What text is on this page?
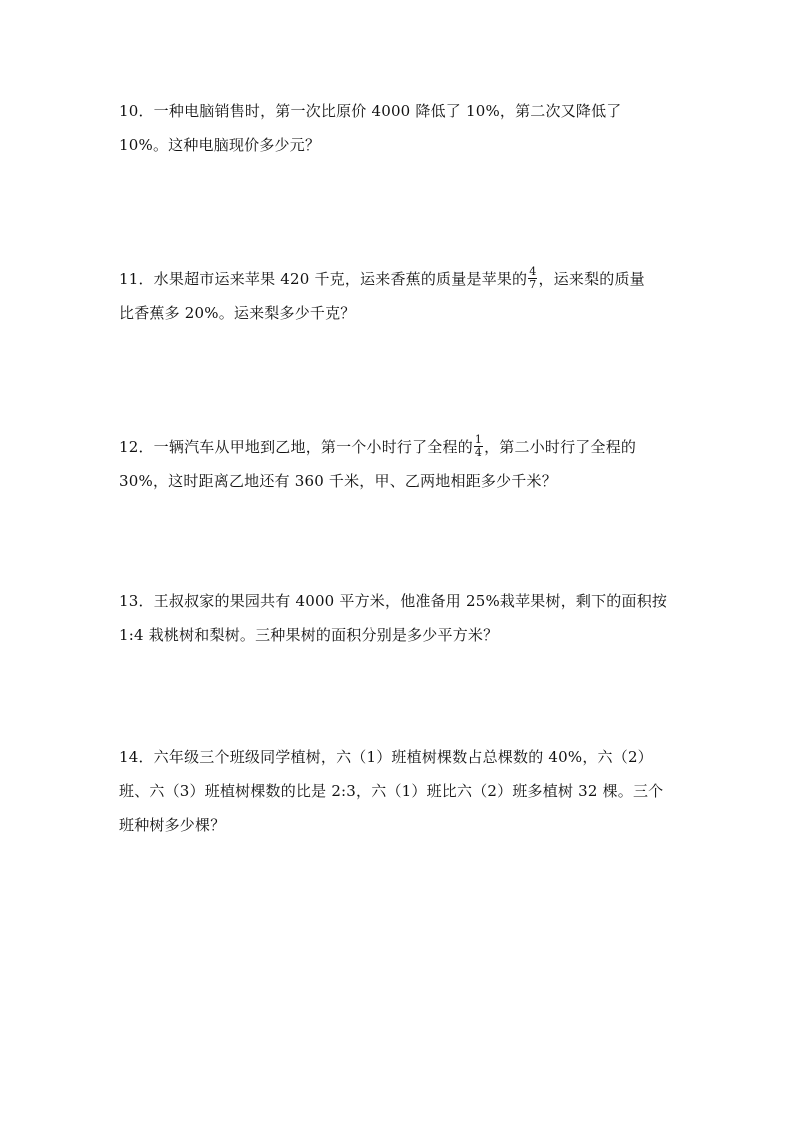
10．一种电脑销售时，第一次比原价 4000 降低了 10%，第二次又降低了
10%。这种电脑现价多少元？
11．水果超市运来苹果 420 千克，运来香蕉的质量是苹果的 $\frac{4}{7}$ ，运来梨的质量
比香蕉多 20%。运来梨多少千克？
12．一辆汽车从甲地到乙地，第一个小时行了全程的 $\frac{1}{4}$ ，第二小时行了全程的
30%，这时距离乙地还有 360 千米，甲、乙两地相距多少千米？
13．王叔叔家的果园共有 4000 平方米，他准备用 25%栽苹果树，剩下的面积按
1:4 栽桃树和梨树。三种果树的面积分别是多少平方米？
14．六年级三个班级同学植树，六（1）班植树棵数占总棵数的 40%，六（2）
班、六（3）班植树棵数的比是 2:3，六（1）班比六（2）班多植树 32 棵。三个
班种树多少棵？
